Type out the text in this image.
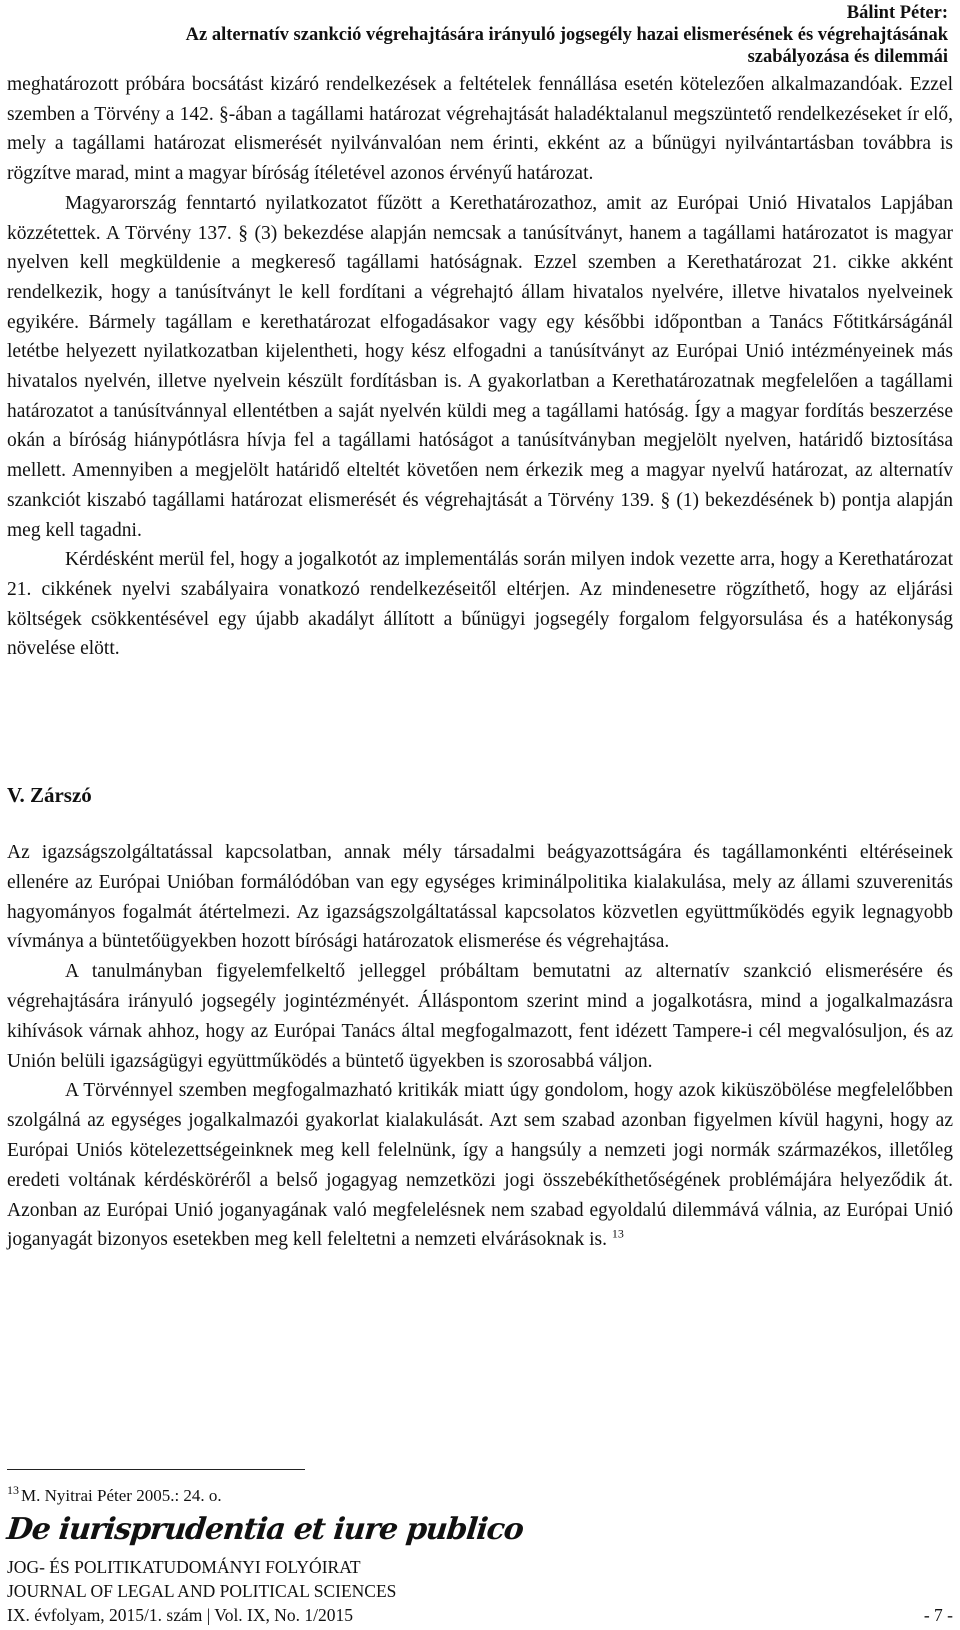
Bálint Péter:
Az alternatív szankció végrehajtására irányuló jogsegély hazai elismerésének és végrehajtásának
szabályozása és dilemmái

meghatározott próbára bocsátást kizáró rendelkezések a feltételek fennállása esetén kötelezően alkalmazandóak. Ezzel szemben a Törvény a 142. §-ában a tagállami határozat végrehajtását haladéktalanul megszüntető rendelkezéseket ír elő, mely a tagállami határozat elismerését nyilvánvalóan nem érinti, ekként az a bűnügyi nyilvántartásban továbbra is rögzítve marad, mint a magyar bíróság ítéletével azonos érvényű határozat.

Magyarország fenntartó nyilatkozatot fűzött a Kerethatározathoz, amit az Európai Unió Hivatalos Lapjában közzétettek. A Törvény 137. § (3) bekezdése alapján nemcsak a tanúsítványt, hanem a tagállami határozatot is magyar nyelven kell megküldenie a megkereső tagállami hatóságnak. Ezzel szemben a Kerethatározat 21. cikke akként rendelkezik, hogy a tanúsítványt le kell fordítani a végrehajtó állam hivatalos nyelvére, illetve hivatalos nyelveinek egyikére. Bármely tagállam e kerethatározat elfogadásakor vagy egy későbbi időpontban a Tanács Főtitkárságánál letétbe helyezett nyilatkozatban kijelentheti, hogy kész elfogadni a tanúsítványt az Európai Unió intézményeinek más hivatalos nyelvén, illetve nyelvein készült fordításban is. A gyakorlatban a Kerethatározatnak megfelelően a tagállami határozatot a tanúsítvánnyal ellentétben a saját nyelvén küldi meg a tagállami hatóság. Így a magyar fordítás beszerzése okán a bíróság hiánypótlásra hívja fel a tagállami hatóságot a tanúsítványban megjelölt nyelven, határidő biztosítása mellett. Amennyiben a megjelölt határidő elteltét követően nem érkezik meg a magyar nyelvű határozat, az alternatív szankciót kiszabó tagállami határozat elismerését és végrehajtását a Törvény 139. § (1) bekezdésének b) pontja alapján meg kell tagadni.

Kérdésként merül fel, hogy a jogalkotót az implementálás során milyen indok vezette arra, hogy a Kerethatározat 21. cikkének nyelvi szabályaira vonatkozó rendelkezéseitől eltérjen. Az mindenesetre rögzíthető, hogy az eljárási költségek csökkentésével egy újabb akadályt állított a bűnügyi jogsegély forgalom felgyorsulása és a hatékonyság növelése elött.

V. Zárszó

Az igazságszolgáltatással kapcsolatban, annak mély társadalmi beágyazottságára és tagállamonkénti eltéréseinek ellenére az Európai Unióban formálódóban van egy egységes kriminálpolitika kialakulása, mely az állami szuverenitás hagyományos fogalmát átértelmezi. Az igazságszolgáltatással kapcsolatos közvetlen együttműködés egyik legnagyobb vívmánya a büntetőügyekben hozott bírósági határozatok elismerése és végrehajtása.

A tanulmányban figyelemfelkeltő jelleggel próbáltam bemutatni az alternatív szankció elismerésére és végrehajtására irányuló jogsegély jogintézményét. Álláspontom szerint mind a jogalkotásra, mind a jogalkalmazásra kihívások várnak ahhoz, hogy az Európai Tanács által megfogalmazott, fent idézett Tampere-i cél megvalósuljon, és az Unión belüli igazságügyi együttműködés a büntető ügyekben is szorosabbá váljon.

A Törvénnyel szemben megfogalmazható kritikák miatt úgy gondolom, hogy azok kiküszöbölése megfelelőbben szolgálná az egységes jogalkalmazói gyakorlat kialakulását. Azt sem szabad azonban figyelmen kívül hagyni, hogy az Európai Uniós kötelezettségeinknek meg kell felelnünk, így a hangsúly a nemzeti jogi normák származékos, illetőleg eredeti voltának kérdésköréről a belső jogagyag nemzetközi jogi összebékíthetőségének problémájára helyeződik át. Azonban az Európai Unió joganyagának való megfelelésnek nem szabad egyoldalú dilemmává válnia, az Európai Unió joganyagát bizonyos esetekben meg kell feleltetni a nemzeti elvárásoknak is. $^{13}$

$^{13}$ M. Nyitrai Péter 2005.: 24. o.
De iurisprudentia et iure publico
JOG- ÉS POLITIKATUDOMÁNYI FOLYÓIRAT
JOURNAL OF LEGAL AND POLITICAL SCIENCES
IX. évfolyam, 2015/1. szám | Vol. IX, No. 1/2015	- 7 -
